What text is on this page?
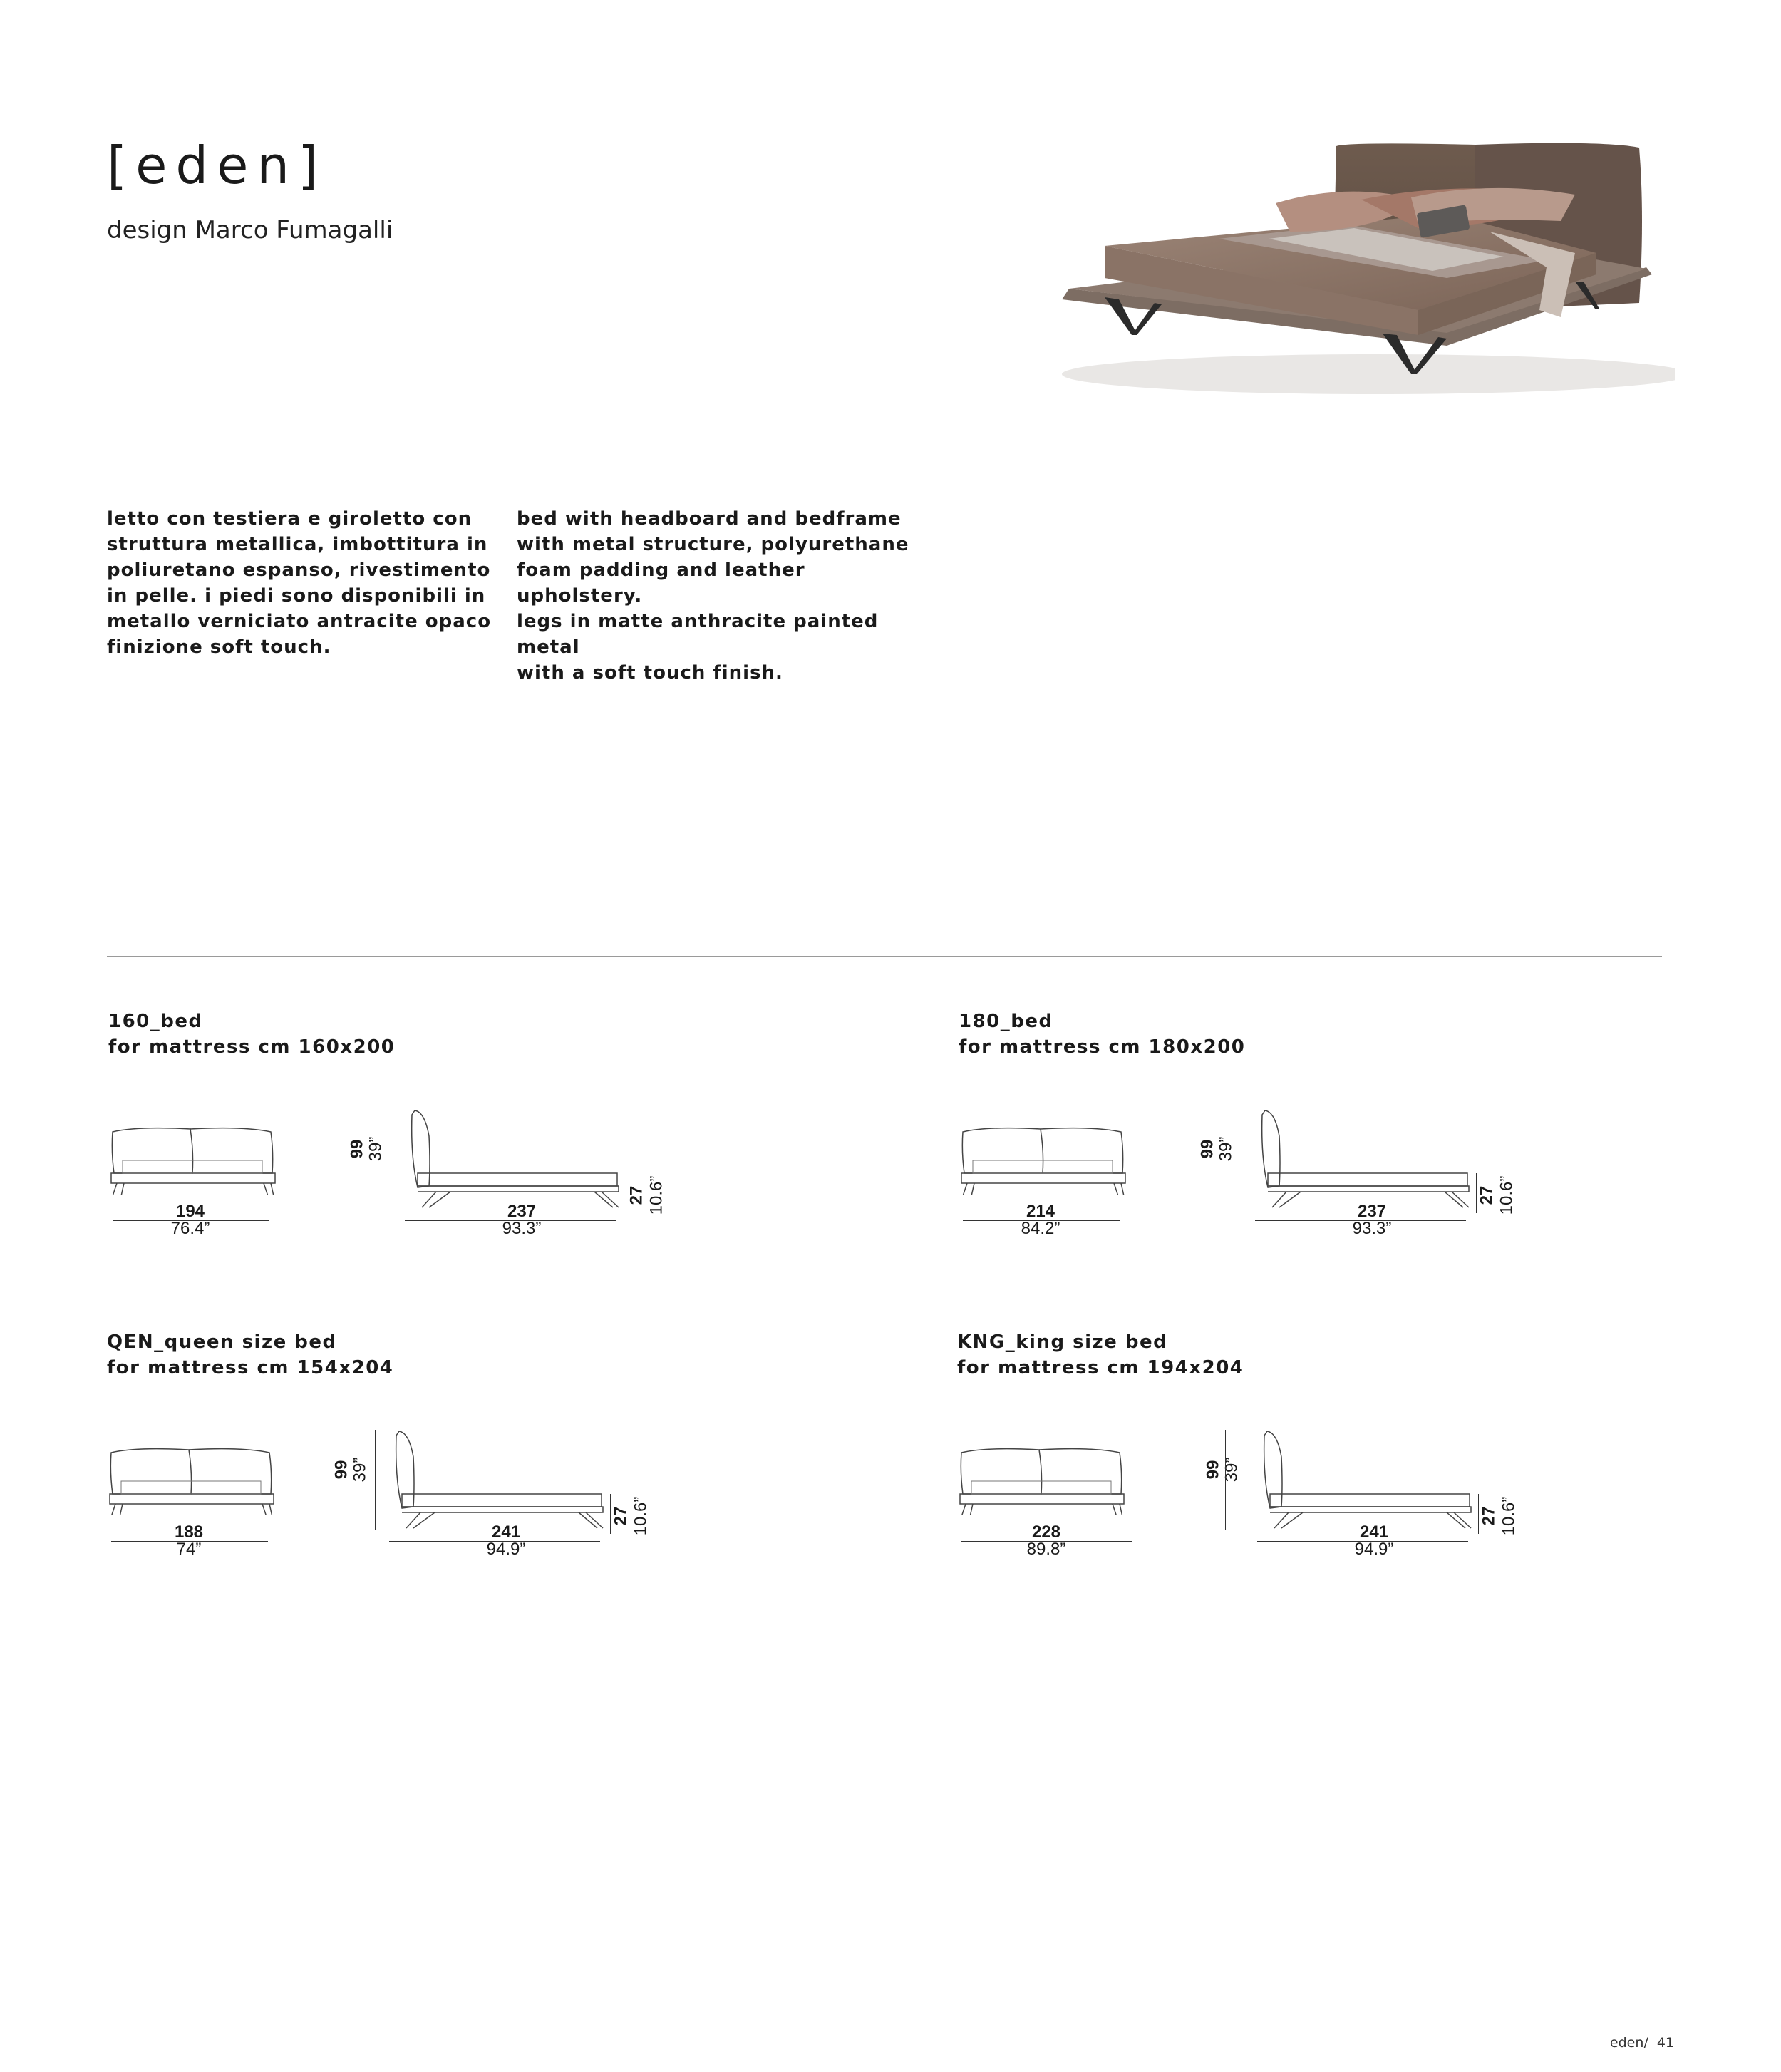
[eden]
design Marco Fumagalli
letto con testiera e giroletto con
struttura metallica, imbottitura in
poliuretano espanso, rivestimento
in pelle. i piedi sono disponibili in
metallo verniciato antracite opaco
finizione soft touch.
bed with headboard and bedframe
with metal structure, polyurethane
foam padding and leather upholstery.
legs in matte anthracite painted metal
with a soft touch finish.
160_bed
for mattress cm 160x200
194
76.4”
99
39”
237
93.3”
27 10.6”
180_bed
for mattress cm 180x200
214
84.2”
99
39”
237
93.3”
27 10.6”
QEN_queen size bed
for mattress cm 154x204
188
74”
99
39”
241
94.9”
27 10.6”
KNG_king size bed
for mattress cm 194x204
228
89.8”
99
39”
241
94.9”
27 10.6”
eden/ 41
